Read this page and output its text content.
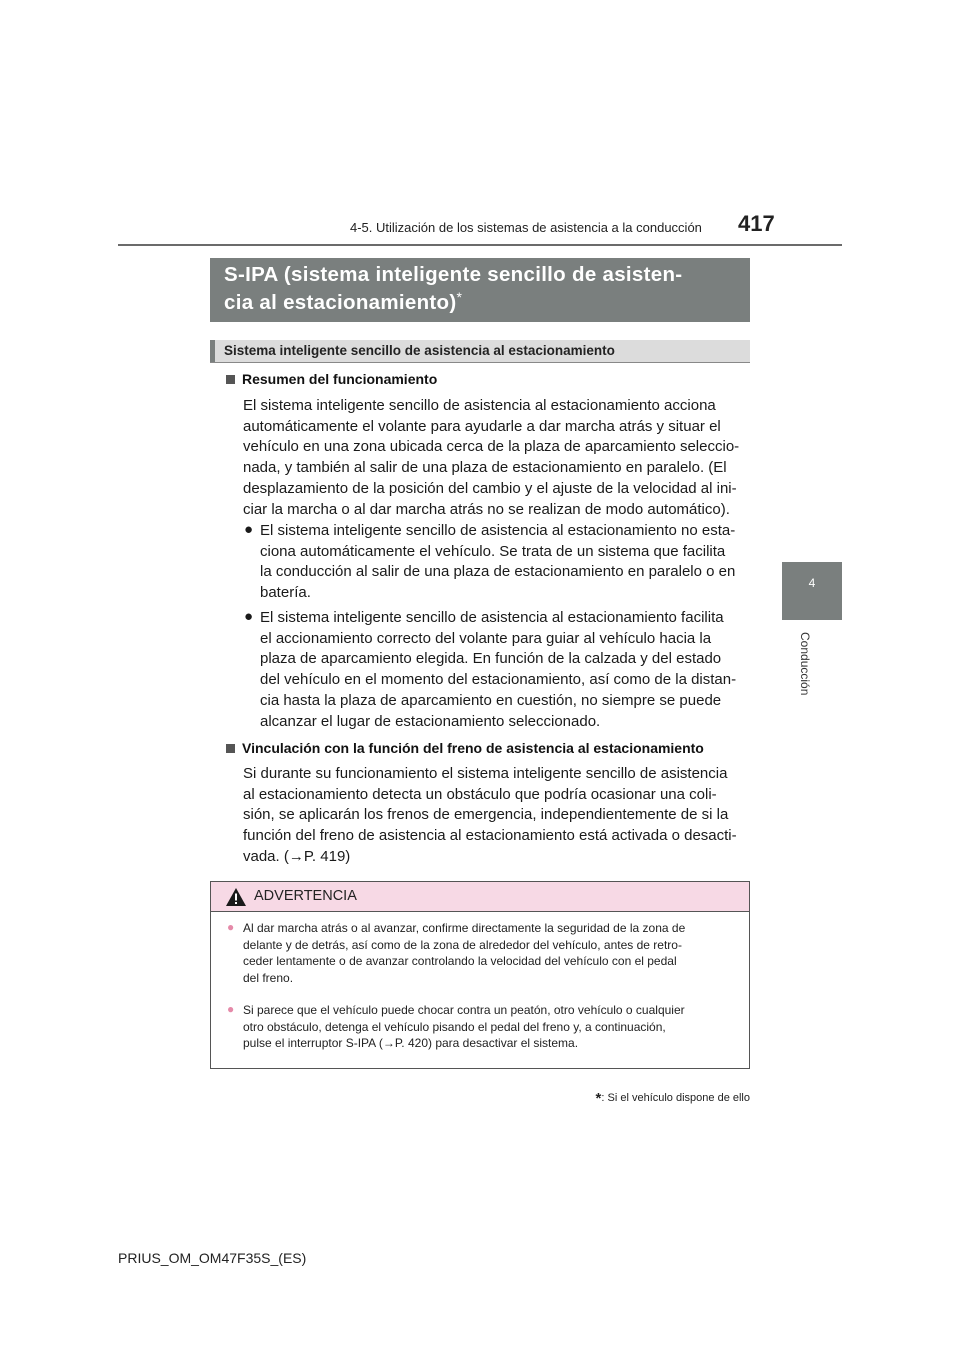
4-5. Utilización de los sistemas de asistencia a la conducción 417
4
Conducción
S-IPA (sistema inteligente sencillo de asisten-
cia al estacionamiento)*
Sistema inteligente sencillo de asistencia al estacionamiento
Resumen del funcionamiento
El sistema inteligente sencillo de asistencia al estacionamiento acciona
automáticamente el volante para ayudarle a dar marcha atrás y situar el
vehículo en una zona ubicada cerca de la plaza de aparcamiento seleccio-
nada, y también al salir de una plaza de estacionamiento en paralelo. (El
desplazamiento de la posición del cambio y el ajuste de la velocidad al ini-
ciar la marcha o al dar marcha atrás no se realizan de modo automático).
● El sistema inteligente sencillo de asistencia al estacionamiento no esta-
ciona automáticamente el vehículo. Se trata de un sistema que facilita
la conducción al salir de una plaza de estacionamiento en paralelo o en
batería.
● El sistema inteligente sencillo de asistencia al estacionamiento facilita
el accionamiento correcto del volante para guiar al vehículo hacia la
plaza de aparcamiento elegida. En función de la calzada y del estado
del vehículo en el momento del estacionamiento, así como de la distan-
cia hasta la plaza de aparcamiento en cuestión, no siempre se puede
alcanzar el lugar de estacionamiento seleccionado.
Vinculación con la función del freno de asistencia al estacionamiento
Si durante su funcionamiento el sistema inteligente sencillo de asistencia
al estacionamiento detecta un obstáculo que podría ocasionar una coli-
sión, se aplicarán los frenos de emergencia, independientemente de si la
función del freno de asistencia al estacionamiento está activada o desacti-
vada. (→P. 419)
ADVERTENCIA
● Al dar marcha atrás o al avanzar, confirme directamente la seguridad de la zona de
delante y de detrás, así como de la zona de alrededor del vehículo, antes de retro-
ceder lentamente o de avanzar controlando la velocidad del vehículo con el pedal
del freno.
● Si parece que el vehículo puede chocar contra un peatón, otro vehículo o cualquier
otro obstáculo, detenga el vehículo pisando el pedal del freno y, a continuación,
pulse el interruptor S-IPA (→P. 420) para desactivar el sistema.
*: Si el vehículo dispone de ello
PRIUS_OM_OM47F35S_(ES)
